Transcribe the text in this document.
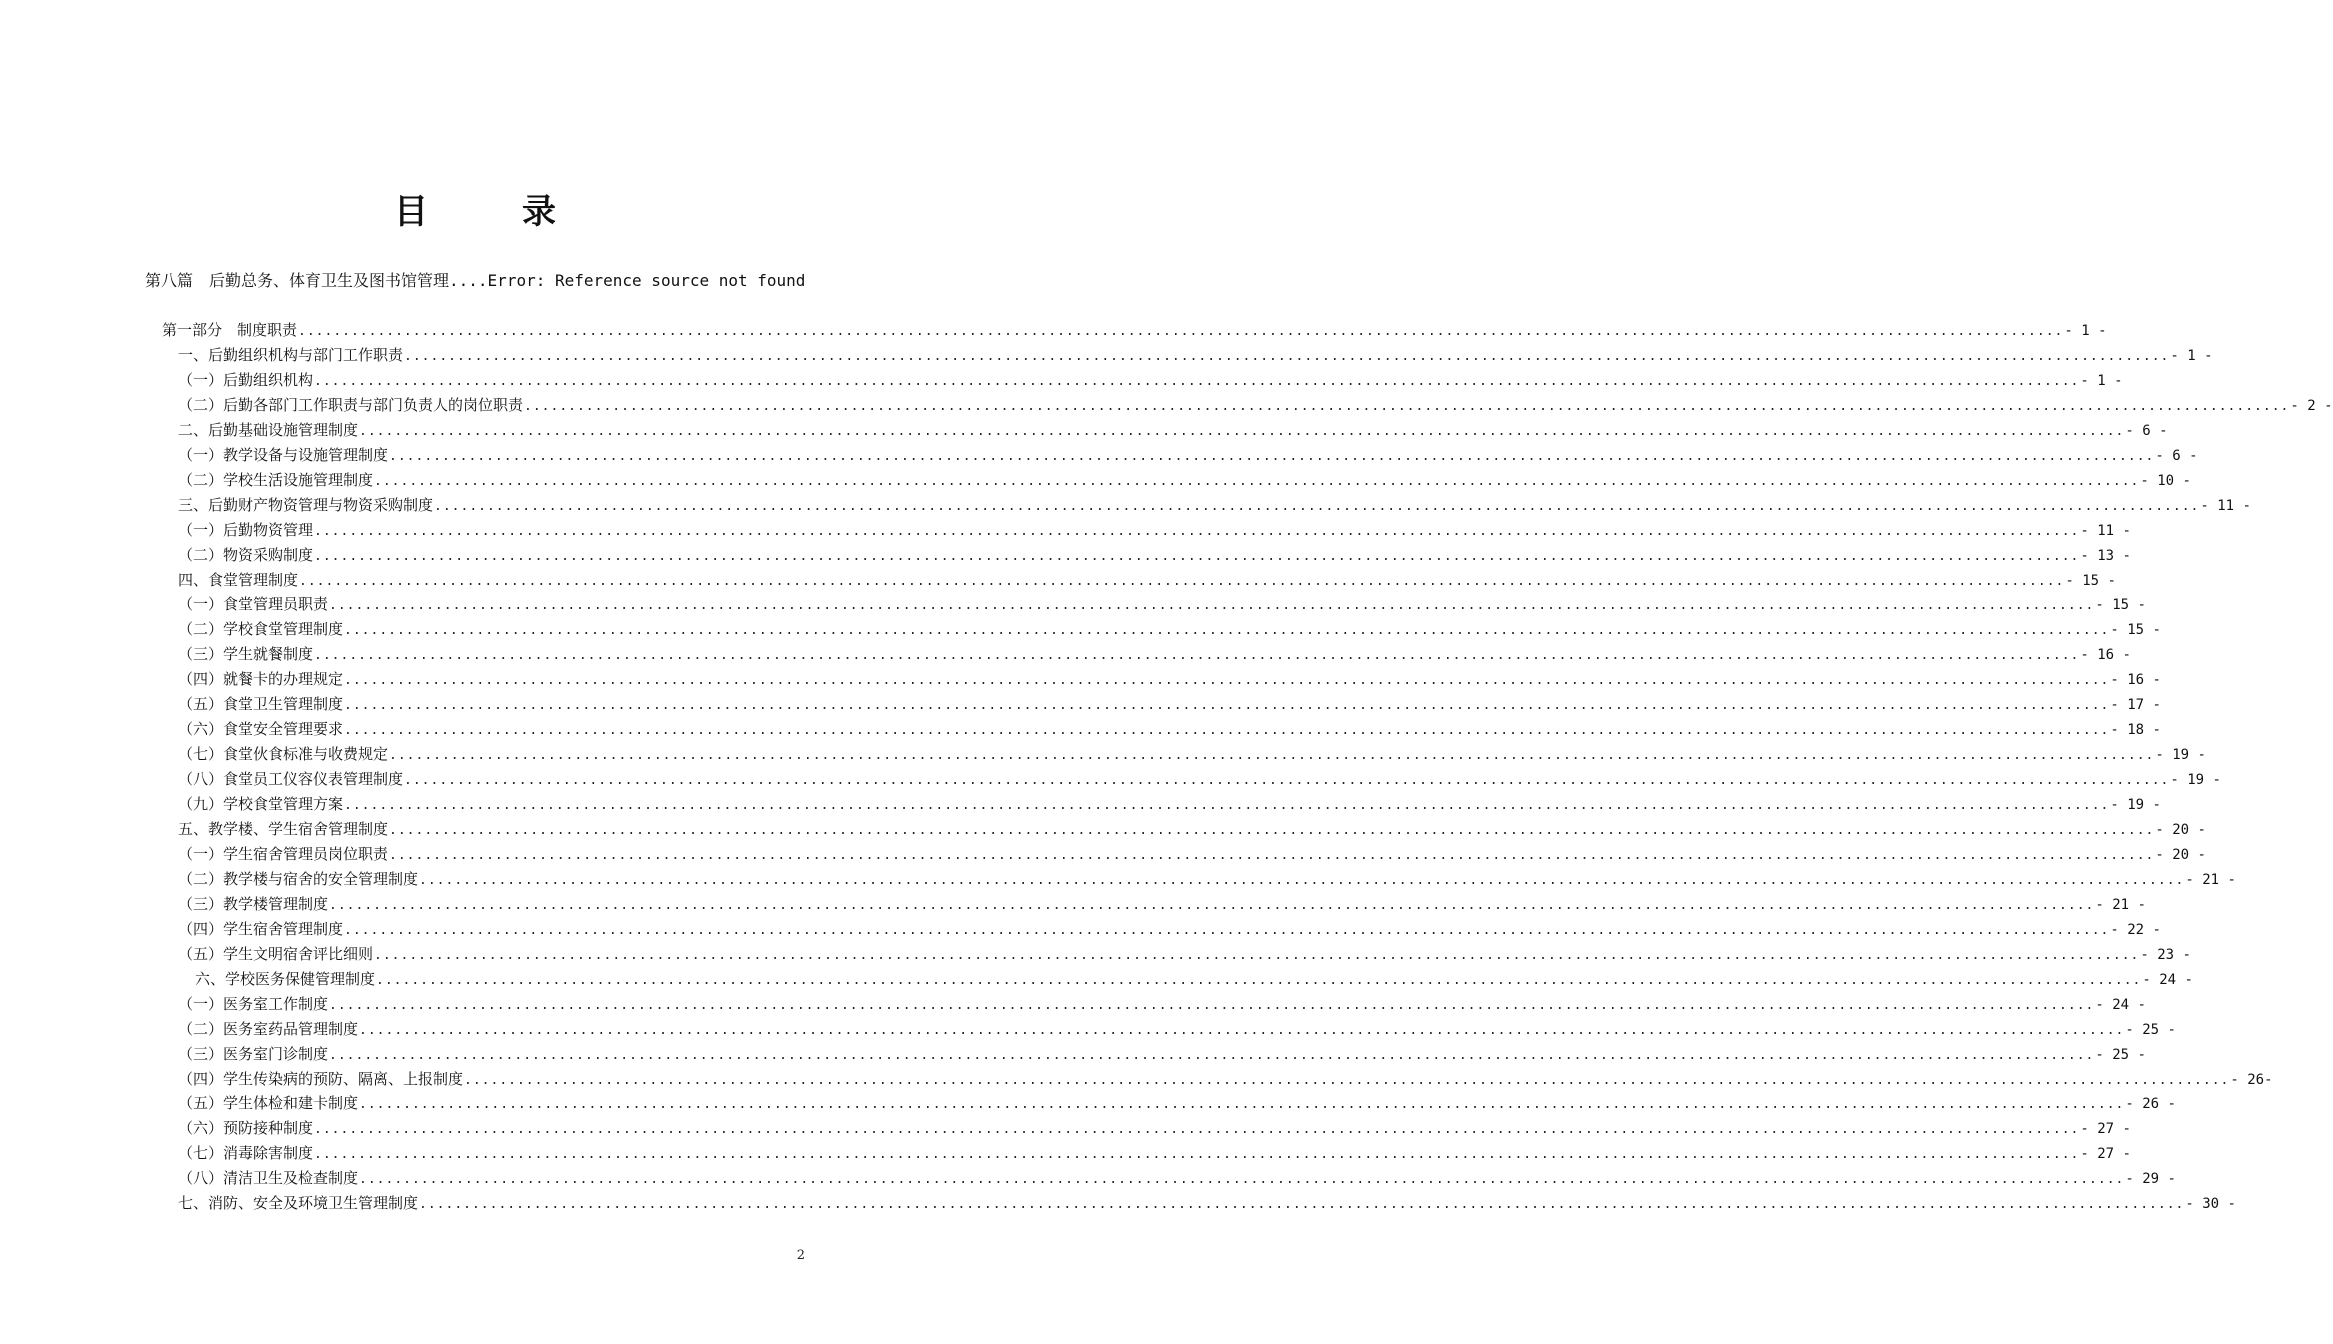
目　录
第八篇　后勤总务、体育卫生及图书馆管理....Error: Reference source not found
第一部分　制度职责 ........................................................................................................................................................................................................ - 1 -
一、后勤组织机构与部门工作职责 ........................................................................................................................................................................................................ - 1 -
（一）后勤组织机构 ........................................................................................................................................................................................................ - 1 -
（二）后勤各部门工作职责与部门负责人的岗位职责 ........................................................................................................................................................................................................ - 2 -
二、后勤基础设施管理制度 ........................................................................................................................................................................................................ - 6 -
（一）教学设备与设施管理制度 ........................................................................................................................................................................................................ - 6 -
（二）学校生活设施管理制度 ........................................................................................................................................................................................................ - 10 -
三、后勤财产物资管理与物资采购制度 ........................................................................................................................................................................................................ - 11 -
（一）后勤物资管理 ........................................................................................................................................................................................................ - 11 -
（二）物资采购制度 ........................................................................................................................................................................................................ - 13 -
四、食堂管理制度 ........................................................................................................................................................................................................ - 15 -
（一）食堂管理员职责 ........................................................................................................................................................................................................ - 15 -
（二）学校食堂管理制度 ........................................................................................................................................................................................................ - 15 -
（三）学生就餐制度 ........................................................................................................................................................................................................ - 16 -
（四）就餐卡的办理规定 ........................................................................................................................................................................................................ - 16 -
（五）食堂卫生管理制度 ........................................................................................................................................................................................................ - 17 -
（六）食堂安全管理要求 ........................................................................................................................................................................................................ - 18 -
（七）食堂伙食标准与收费规定 ........................................................................................................................................................................................................ - 19 -
（八）食堂员工仪容仪表管理制度 ........................................................................................................................................................................................................ - 19 -
（九）学校食堂管理方案 ........................................................................................................................................................................................................ - 19 -
五、教学楼、学生宿舍管理制度 ........................................................................................................................................................................................................ - 20 -
（一）学生宿舍管理员岗位职责 ........................................................................................................................................................................................................ - 20 -
（二）教学楼与宿舍的安全管理制度 ........................................................................................................................................................................................................ - 21 -
（三）教学楼管理制度 ........................................................................................................................................................................................................ - 21 -
（四）学生宿舍管理制度 ........................................................................................................................................................................................................ - 22 -
（五）学生文明宿舍评比细则 ........................................................................................................................................................................................................ - 23 -
六、学校医务保健管理制度 ........................................................................................................................................................................................................ - 24 -
（一）医务室工作制度 ........................................................................................................................................................................................................ - 24 -
（二）医务室药品管理制度 ........................................................................................................................................................................................................ - 25 -
（三）医务室门诊制度 ........................................................................................................................................................................................................ - 25 -
（四）学生传染病的预防、隔离、上报制度 ........................................................................................................................................................................................................ - 26-
（五）学生体检和建卡制度 ........................................................................................................................................................................................................ - 26 -
（六）预防接种制度 ........................................................................................................................................................................................................ - 27 -
（七）消毒除害制度 ........................................................................................................................................................................................................ - 27 -
（八）清洁卫生及检查制度 ........................................................................................................................................................................................................ - 29 -
七、消防、安全及环境卫生管理制度 ........................................................................................................................................................................................................ - 30 -
2
